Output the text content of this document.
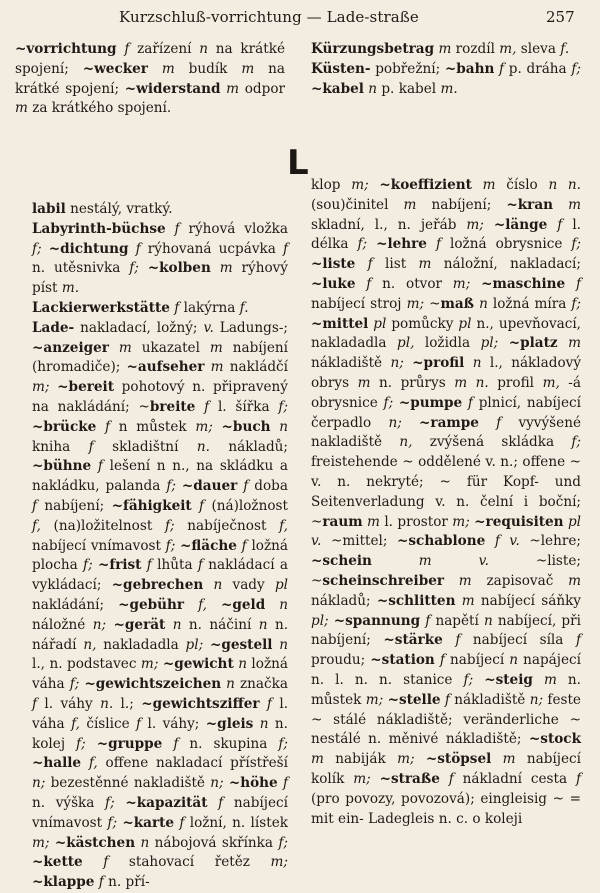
Kurzschluß-vorrichtung — Lade-straße	257

~vorrichtung f zařízení n na krátké spojení; ~wecker m budík m na krátké spojení; ~widerstand m odpor m za krátkého spojení.

Kürzungsbetrag m rozdíl m, sleva f.

Küsten- pobřežní; ~bahn f p. dráha f; ~kabel n p. kabel m.

L

labil nestálý, vratký.

Labyrinth-büchse f rýhová vložka f; ~dichtung f rýhovaná ucpávka f n. utěsnivka f; ~kolben m rýhový píst m.

Lackierwerkstätte f lakýrna f.

Lade- nakladací, ložný; v. Ladungs-; ~anzeiger m ukazatel m nabíjení (hromadiče); ~aufseher m nakládčí m; ~bereit pohotový n. připravený na nakládání; ~breite f l. šířka f; ~brücke f n můstek m; ~buch n kniha f skladištní n. nákladů; ~bühne f lešení n n., na skládku a nakládku, palanda f; ~dauer f doba f nabíjení; ~fähigkeit f (ná)ložnost f, (na)ložitelnost f; nabíječnost f, nabíjecí vnímavost f; ~fläche f ložná plocha f; ~frist f lhůta f nakládací a vykládací; ~gebrechen n vady pl nakládání; ~gebühr f, ~geld n náložné n; ~gerät n n. náčiní n n. nářadí n, nakladadla pl; ~gestell n l., n. podstavec m; ~gewicht n ložná váha f; ~gewichtszeichen n značka f l. váhy n. l.; ~gewichtsziffer f l. váha f, číslice f l. váhy; ~gleis n n. kolej f; ~gruppe f n. skupina f; ~halle f, offene nakladací přístřeší n; bezestěnné nakladiště n; ~höhe f n. výška f; ~kapazität f nabíjecí vnímavost f; ~karte f ložní, n. lístek m; ~kästchen n nábojová skřínka f; ~kette f stahovací řetěz m; ~klappe f n. pří-

klop m; ~koeffizient m číslo n n. (sou)činitel m nabíjení; ~kran m skladní, l., n. jeřáb m; ~länge f l. délka f; ~lehre f ložná obrysnice f; ~liste f list m náložní, nakladací; ~luke f n. otvor m; ~maschine f nabíjecí stroj m; ~maß n ložná míra f; ~mittel pl pomůcky pl n., upevňovací, nakladadla pl, ložidla pl; ~platz m nákladiště n; ~profil n l., nákladový obrys m n. průrys m n. profil m, -á obrysnice f; ~pumpe f plnicí, nabíjecí čerpadlo n; ~rampe f vyvýšené nakladiště n, zvýšená skládka f; freistehende ~ oddělené v. n.; offene ~ v. n. nekryté; ~ für Kopf- und Seitenverladung v. n. čelní i boční; ~raum m l. prostor m; ~requisiten pl v. ~mittel; ~schablone f v. ~lehre; ~schein m v. ~liste; ~scheinschreiber m zapisovač m nákladů; ~schlitten m nabíjecí sáňky pl; ~spannung f napětí n nabíjecí, při nabíjení; ~stärke f nabíjecí síla f proudu; ~station f nabíjecí n napájecí n. l. n. n. stanice f; ~steig m n. můstek m; ~stelle f nákladiště n; feste ~ stálé nákladiště; veränderliche ~ nestálé n. měnivé nákladiště; ~stock m nabiják m; ~stöpsel m nabíjecí kolík m; ~straße f nákladní cesta f (pro povozy, povozová); eingleisig ~ = mit ein- Ladegleis n. c. o koleji
